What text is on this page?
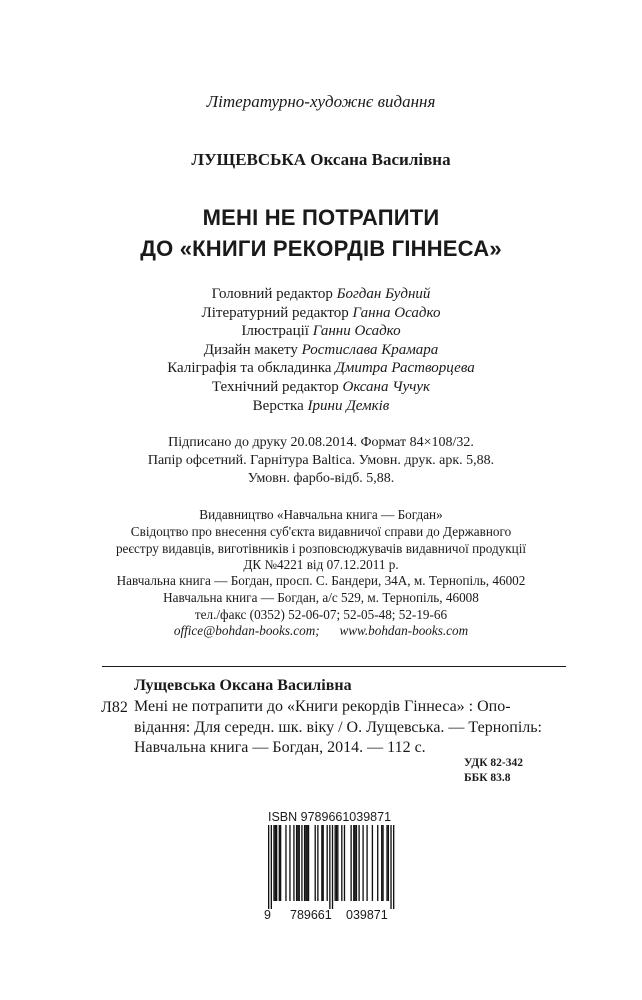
Літературно-художнє видання
ЛУЩЕВСЬКА Оксана Василівна
МЕНІ НЕ ПОТРАПИТИ
ДО «КНИГИ РЕКОРДІВ ГІННЕСА»
Головний редактор Богдан Будний
Літературний редактор Ганна Осадко
Ілюстрації Ганни Осадко
Дизайн макету Ростислава Крамара
Каліграфія та обкладинка Дмитра Растворцева
Технічний редактор Оксана Чучук
Верстка Ірини Демків
Підписано до друку 20.08.2014. Формат 84×108/32.
Папір офсетний. Гарнітура Baltica. Умовн. друк. арк. 5,88.
Умовн. фарбо-відб. 5,88.
Видавництво «Навчальна книга — Богдан»
Свідоцтво про внесення суб'єкта видавничої справи до Державного
реєстру видавців, виготівників і розповсюджувачів видавничої продукції
ДК №4221 від 07.12.2011 р.
Навчальна книга — Богдан, просп. С. Бандери, 34А, м. Тернопіль, 46002
Навчальна книга — Богдан, а/с 529, м. Тернопіль, 46008
тел./факс (0352) 52-06-07; 52-05-48; 52-19-66
office@bohdan-books.com; www.bohdan-books.com
Лущевська Оксана Василівна
Л82 Мені не потрапити до «Книги рекордів Гіннеса» : Опо-
відання: Для середн. шк. віку / О. Лущевська. — Тернопіль:
Навчальна книга — Богдан, 2014. — 112 с.
УДК 82-342
ББК 83.8
ISBN 9789661039871
9 789661 039871
